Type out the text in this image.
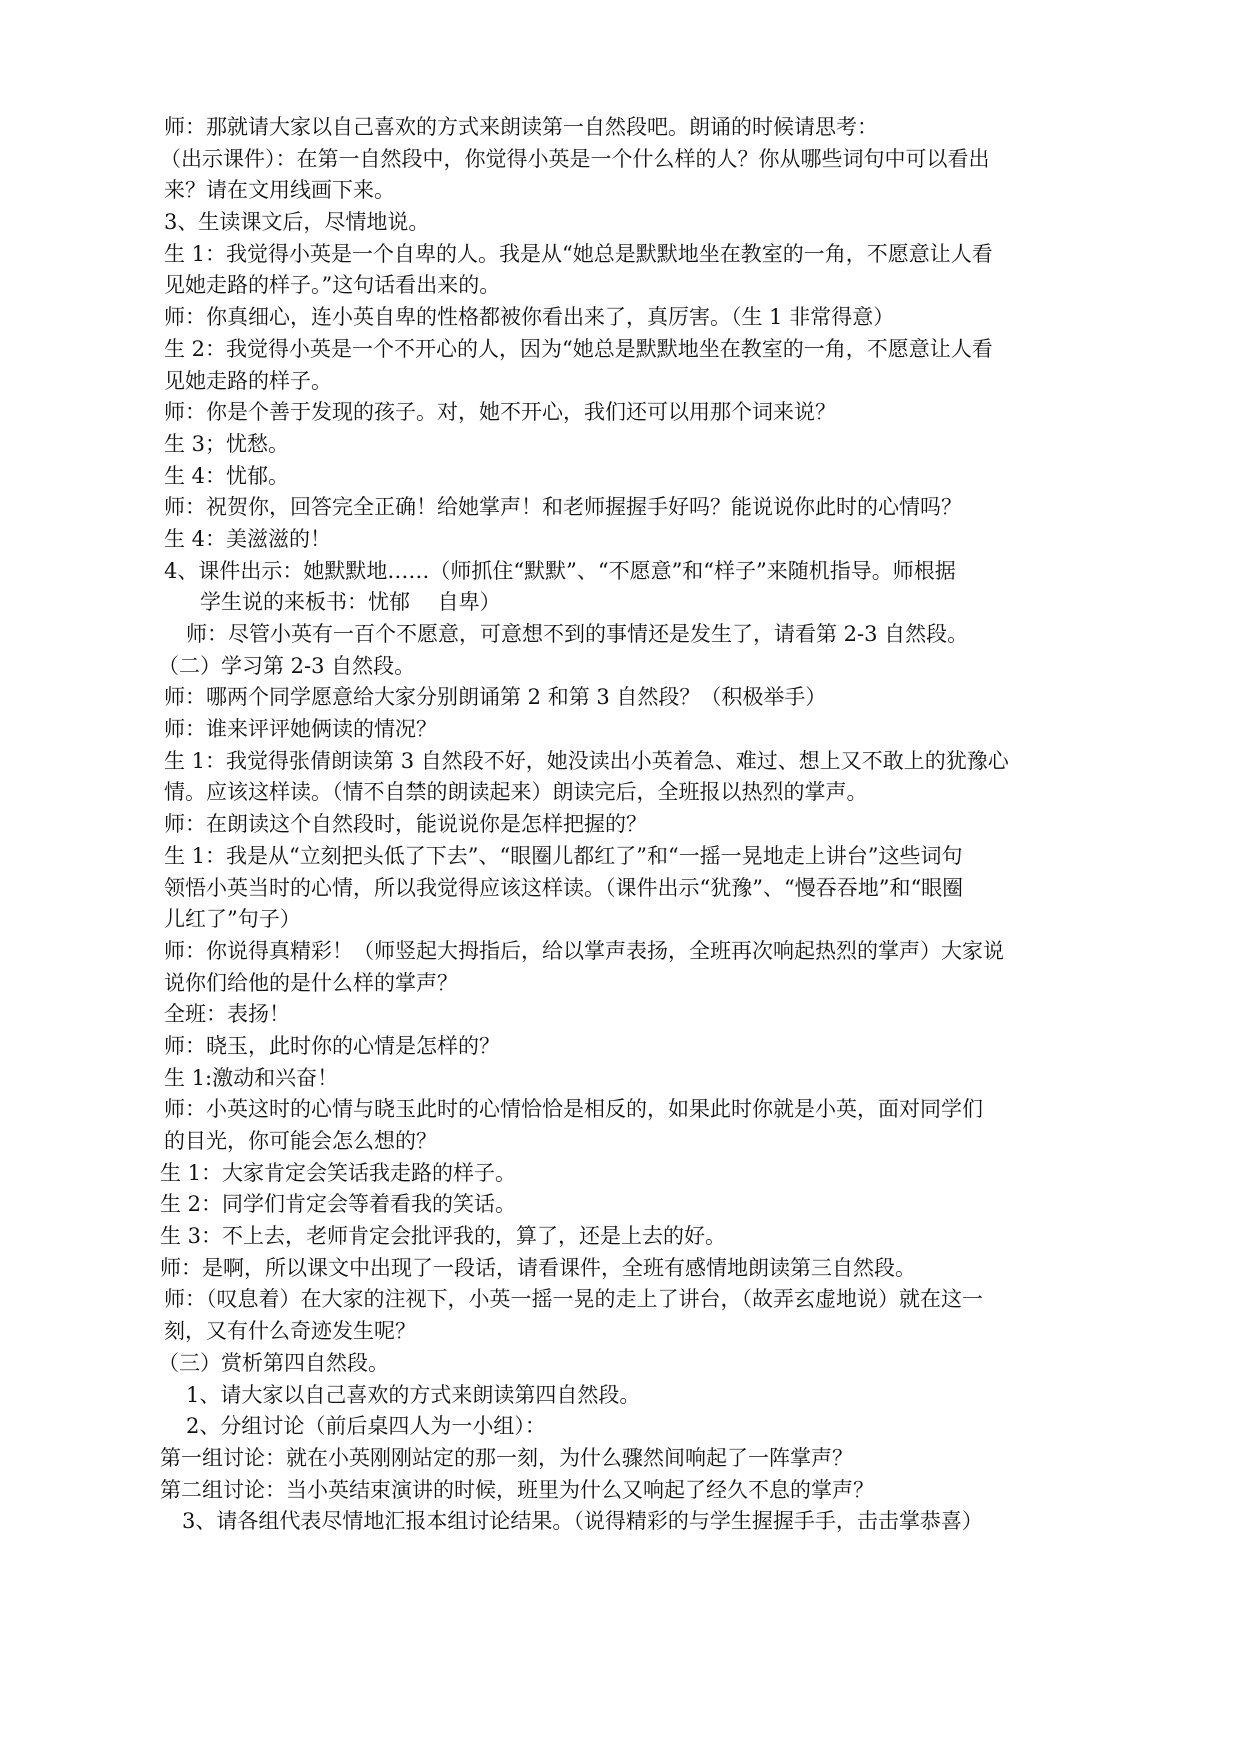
师：那就请大家以自己喜欢的方式来朗读第一自然段吧。朗诵的时候请思考：
（出示课件）：在第一自然段中，你觉得小英是一个什么样的人？你从哪些词句中可以看出
来？请在文用线画下来。
3、生读课文后，尽情地说。
生 1：我觉得小英是一个自卑的人。我是从“她总是默默地坐在教室的一角，不愿意让人看
见她走路的样子。”这句话看出来的。
师：你真细心，连小英自卑的性格都被你看出来了，真厉害。（生 1 非常得意）
生 2：我觉得小英是一个不开心的人，因为“她总是默默地坐在教室的一角，不愿意让人看
见她走路的样子。
师：你是个善于发现的孩子。对，她不开心，我们还可以用那个词来说？
生 3；忧愁。
生 4：忧郁。
师：祝贺你，回答完全正确！给她掌声！和老师握握手好吗？能说说你此时的心情吗？
生 4：美滋滋的！
4、课件出示：她默默地……（师抓住“默默”、“不愿意”和“样子”来随机指导。师根据
学生说的来板书：忧郁　 自卑）
师：尽管小英有一百个不愿意，可意想不到的事情还是发生了，请看第 2-3 自然段。
（二）学习第 2-3 自然段。
师：哪两个同学愿意给大家分别朗诵第 2 和第 3 自然段？（积极举手）
师：谁来评评她俩读的情况？
生 1：我觉得张倩朗读第 3 自然段不好，她没读出小英着急、难过、想上又不敢上的犹豫心
情。应该这样读。（情不自禁的朗读起来）朗读完后，全班报以热烈的掌声。
师：在朗读这个自然段时，能说说你是怎样把握的？
生 1：我是从“立刻把头低了下去”、“眼圈儿都红了”和“一摇一晃地走上讲台”这些词句
领悟小英当时的心情，所以我觉得应该这样读。（课件出示“犹豫”、“慢吞吞地”和“眼圈
儿红了”句子）
师：你说得真精彩！（师竖起大拇指后，给以掌声表扬，全班再次响起热烈的掌声）大家说
说你们给他的是什么样的掌声？
全班：表扬！
师：晓玉，此时你的心情是怎样的？
生 1:激动和兴奋！
师：小英这时的心情与晓玉此时的心情恰恰是相反的，如果此时你就是小英，面对同学们
的目光，你可能会怎么想的？
生 1：大家肯定会笑话我走路的样子。
生 2：同学们肯定会等着看我的笑话。
生 3：不上去，老师肯定会批评我的，算了，还是上去的好。
师：是啊，所以课文中出现了一段话，请看课件，全班有感情地朗读第三自然段。
师：（叹息着）在大家的注视下，小英一摇一晃的走上了讲台，（故弄玄虚地说）就在这一
刻，又有什么奇迹发生呢？
（三）赏析第四自然段。
1、请大家以自己喜欢的方式来朗读第四自然段。
2、分组讨论（前后桌四人为一小组）：
第一组讨论：就在小英刚刚站定的那一刻，为什么骤然间响起了一阵掌声？
第二组讨论：当小英结束演讲的时候，班里为什么又响起了经久不息的掌声？
3、请各组代表尽情地汇报本组讨论结果。（说得精彩的与学生握握手手，击击掌恭喜）
